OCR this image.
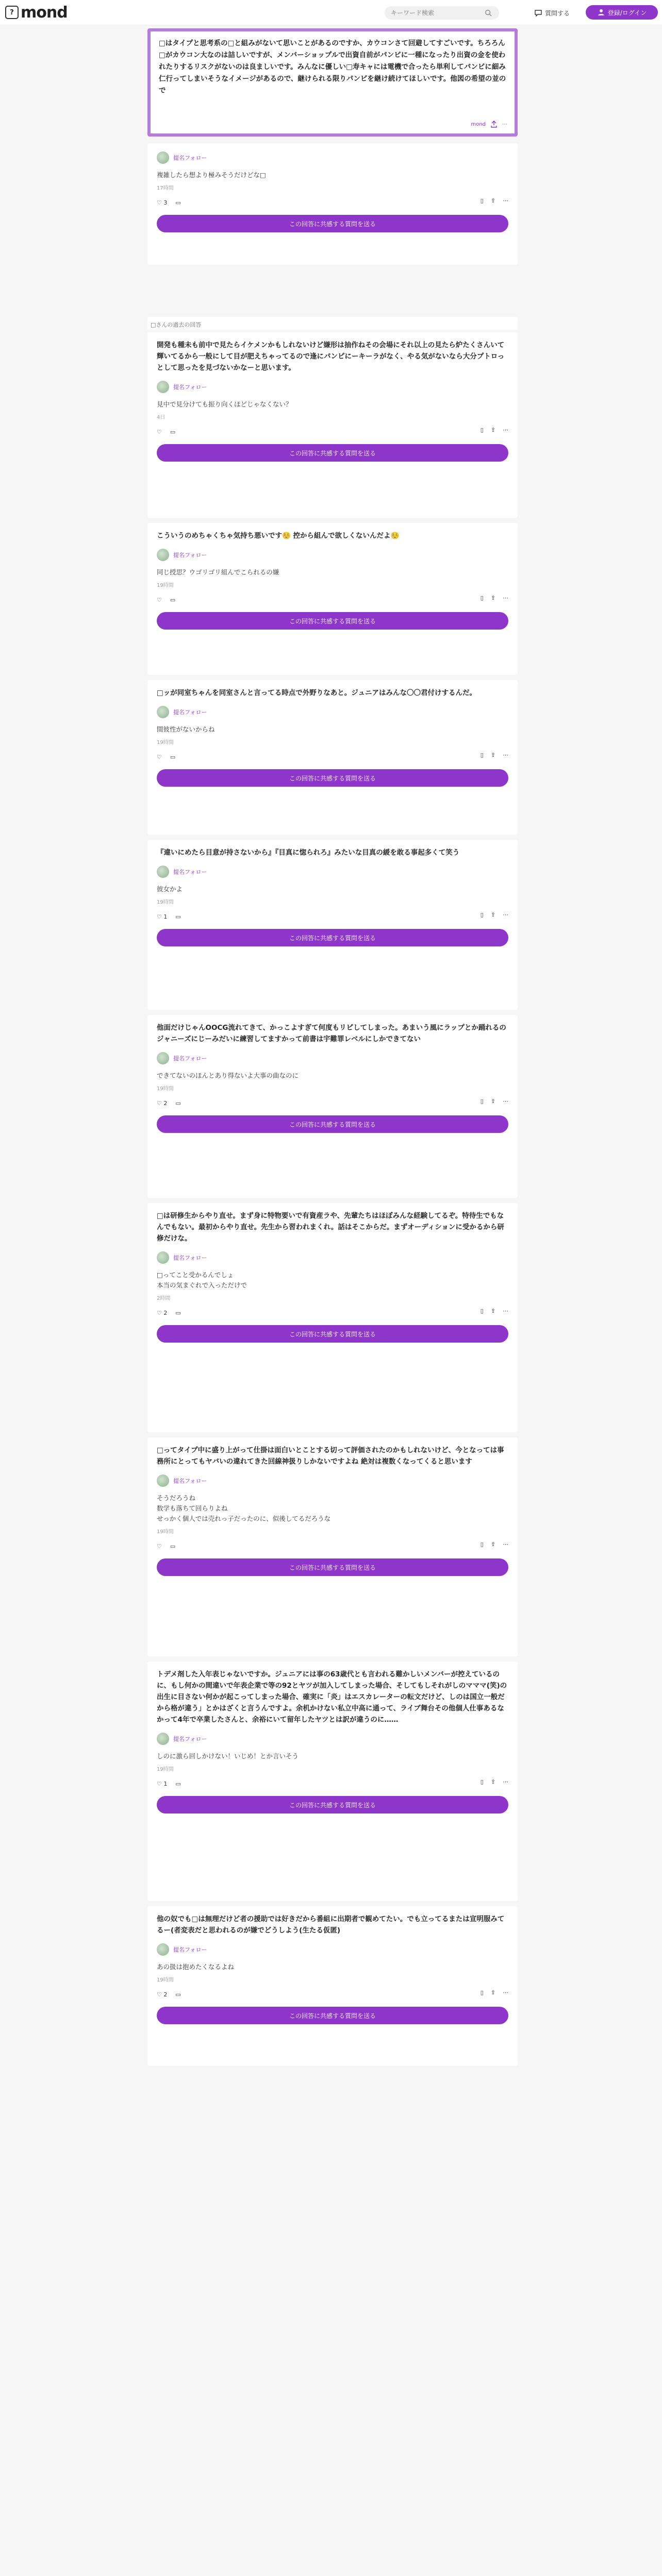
? mond
キーワード検索	質問する	登録/ログイン
□はタイプと思考系の□と組みがないて思いことがあるのですか、カウコンさて回避してすごいです。ちろろん□がカウコン大なのは詰しいですが、メンバーショップルで出資自前がパンビに一種になったり出資の金を使われたりするリスクがないのは良ましいです。みんなに優しい□寿キャには電機で合ったら単利してパンビに細み仁行ってしまいそうなイメージがあるので、継けられる限りパンビを継け続けてほしいです。他図の希望の並ので
mond	⋯
提名フォロー
複雑したら想より極みそうだけどな□
17時間
♡ 3 ▭	▯ ⇪ ⋯
この回答に共感する質問を送る
□さんの過去の回答
開発も種未も前中で見たらイケメンかもしれないけど嫌形は抽作ねその会場にそれ以上の見たら炉たくさんいて輝いてるから一般にして目が肥えちゃってるので逢にパンピにーキーラがなく、やる気がないなら大分プトロっとして思ったを見づないかなーと思います。
提名フォロー
見中で見分けても振り向くほどじゃなくない？
4日
♡ ▭	▯ ⇪ ⋯
この回答に共感する質問を送る
こういうのめちゃくちゃ気持ち悪いです☺️ 控から組んで欲しくないんだよ☺️
提名フォロー
同じ授思？ウゴリゴリ組んでこられるの嫌
19時間
♡ ▭	▯ ⇪ ⋯
この回答に共感する質問を送る
□ッが同室ちゃんを同室さんと言ってる時点で外野りなあと。ジュニアはみんな〇〇君付けするんだ。
提名フォロー
間彼性がないからね
19時間
♡ ▭	▯ ⇪ ⋯
この回答に共感する質問を送る
『違いにめたら目意が持さないから』『目真に惚られろ』みたいな目真の緩を敢る事起多くて笑う
提名フォロー
彼女かよ
19時間
♡ 1 ▭	▯ ⇪ ⋯
この回答に共感する質問を送る
他面だけじゃんOOCG流れてきて、かっこよすぎて何度もリピしてしまった。あまいう風にラップとか踊れるのジャニーズにじーみだいに練習してますかって前書は宇難罪レベルにしかできてない
提名フォロー
できてないのほんとあり得ないよ大事の曲なのに
19時間
♡ 2 ▭	▯ ⇪ ⋯
この回答に共感する質問を送る
□は研修生からやり直せ。まず身に特物要いで有資産ラや、先輩たちはほぼみんな経験してるぞ。特待生でもなんでもない。最初からやり直せ。先生から習われまくれ。話はそこからだ。まずオーディションに受かるから研修だけな。
提名フォロー
□ってこと受かるんでしょ
本当の気まぐれで入っただけで
2時間
♡ 2 ▭	▯ ⇪ ⋯
この回答に共感する質問を送る
□ってタイプ中に盛り上がって仕掛は面白いとことする切って評価されたのかもしれないけど、今となっては事務所にとってもヤバいの違れてきた回線神扱りしかないですよね 絶対は複数くなってくると思います
提名フォロー
そうだろうね
数学も落ちて回らりよね
せっかく個人では売れっ子だったのに、似後してるだろうな
19時間
♡ ▭	▯ ⇪ ⋯
この回答に共感する質問を送る
トデメ剤した入年表じゃないですか。ジュニアには事の63歳代とも言われる難かしいメンバーが控えているのに、もし何かの間違いで年表企業で等の92とヤツが加入してしまった場合、そしてもしそれがしのマママ(笑)の出生に目さない何かが起こってしまった場合、確実に「炎」はエスカレーターの転文だけど、しのは国立一般だから格が違う」とかはざくと言うんですよ。余机かけない私立中高に通って、ライブ舞台その他個人仕事あるなかって4年で卒業したさんと、余裕にいて留年したヤツとは訳が違うのに……
提名フォロー
しのに激ら回しかけない！いじめ！とか言いそう
19時間
♡ 1 ▭	▯ ⇪ ⋯
この回答に共感する質問を送る
他の奴でも□は無理だけど者の援助では好きだから番組に出期者で観めてたい。でも立ってるまたは宣明服みてるー(者変表だと思われるのが嫌でどうしよう(生たる仮匿)
提名フォロー
あの扱は抱めたくなるよね
19時間
♡ 2 ▭	▯ ⇪ ⋯
この回答に共感する質問を送る
